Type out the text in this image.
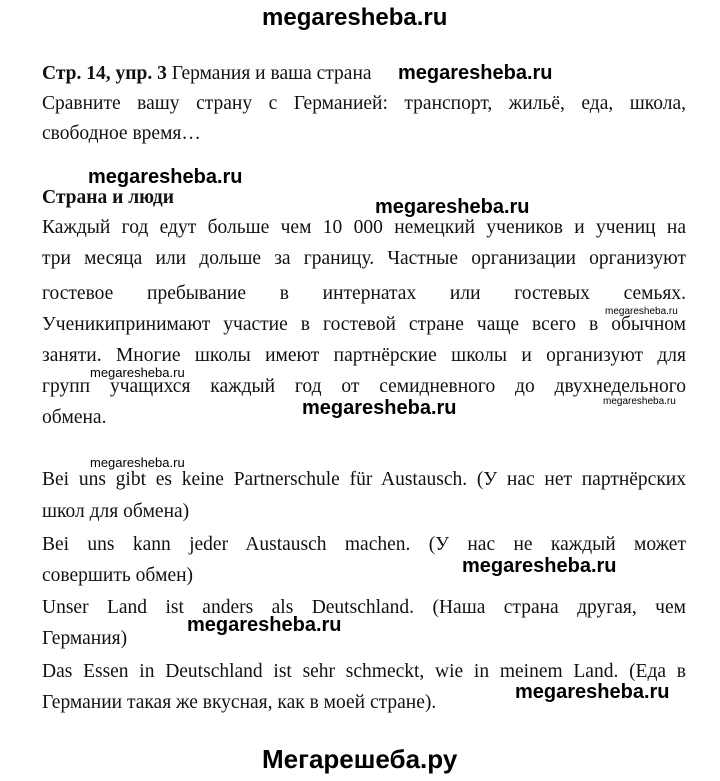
megaresheba.ru
Стр. 14, упр. 3 Германия и ваша страна	megaresheba.ru
Сравните вашу страну с Германией: транспорт, жильё, еда, школа,
свободное время…
megaresheba.ru
Страна и люди	megaresheba.ru
Каждый год едут больше чем 10 000 немецкий учеников и учениц на
три месяца или дольше за границу. Частные организации организуют
гостевое пребывание в интернатах или гостевых семьях.
megaresheba.ru
Ученикипринимают участие в гостевой стране чаще всего в обычном
заняти. Многие школы имеют партнёрские школы и организуют для
megaresheba.ru
групп учащихся каждый год от семидневного до двухнедельного
megaresheba.ru
megaresheba.ru
обмена.
megaresheba.ru
Bei uns gibt es keine Partnerschule für Austausch. (У нас нет партнёрских
школ для обмена)
Bei uns kann jeder Austausch machen. (У нас не каждый может
megaresheba.ru
совершить обмен)
Unser Land ist anders als Deutschland. (Наша страна другая, чем
Германия)
megaresheba.ru
Das Essen in Deutschland ist sehr schmeckt, wie in meinem Land. (Еда в
Германии такая же вкусная, как в моей стране).	megaresheba.ru
Мегарешеба.ру
